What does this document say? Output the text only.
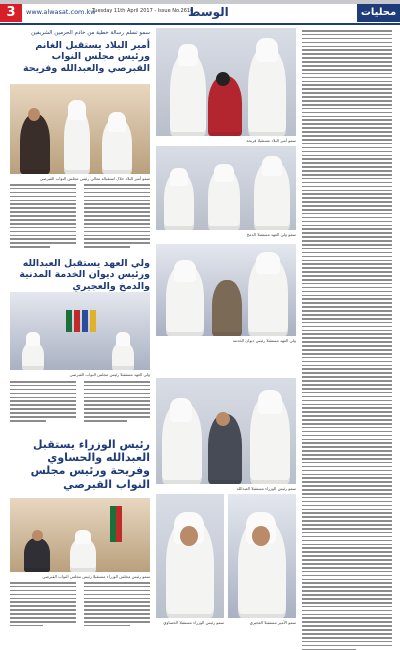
3	www.alwasat.com.kw
Tuesday 11th April 2017 - Issue No.2616
الوسط	محليات
سمو تسلم رسالة خطية من خادم الحرمين الشريفين
أمير البلاد يستقبل الغانم ورئيس مجلس النواب القبرصي والعبدالله وفريحة
سمو أمير البلاد خلال استقباله معالي رئيس مجلس النواب القبرصي
ولي العهد يستقبل العبدالله ورئيس ديوان الخدمة المدنية والدمخ والعجيري
ولي العهد مستقبلا رئيس مجلس النواب القبرصي
رئيس الوزراء يستقبل العبدالله والحساوي وفريحة ورئيس مجلس النواب القبرصي
سمو رئيس مجلس الوزراء مستقبلا رئيس مجلس النواب القبرصي
سمو أمير البلاد مستقبلا فريحة
سمو ولي العهد مستقبلا الدمخ
ولي العهد مستقبلا رئيس ديوان الخدمة
سمو رئيس الوزراء مستقبلا العبدالله
سمو رئيس الوزراء مستقبلا الحساوي	سمو الأمير مستقبلا العجيري
